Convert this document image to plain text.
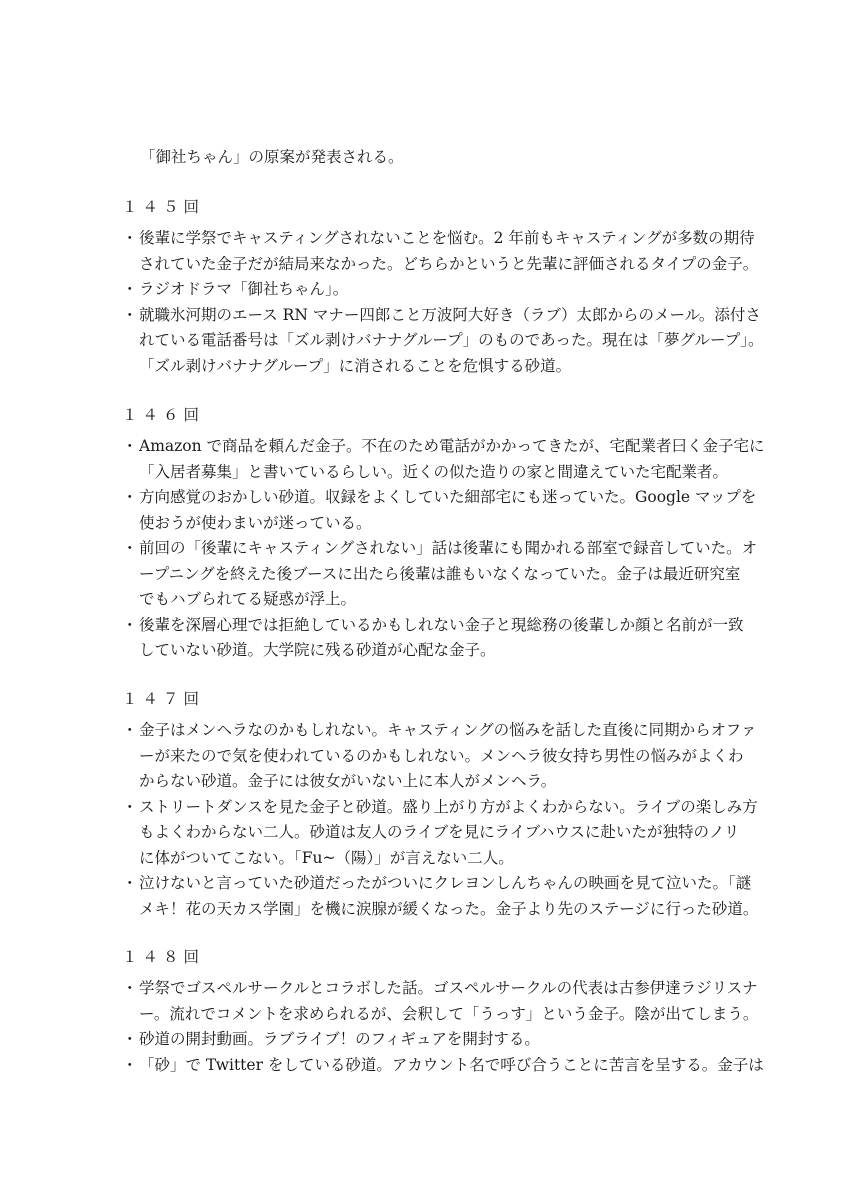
「御社ちゃん」の原案が発表される。
１４５回
・ 後輩に学祭でキャスティングされないことを悩む。2 年前もキャスティングが多数の期待
されていた金子だが結局来なかった。どちらかというと先輩に評価されるタイプの金子。
・ ラジオドラマ「御社ちゃん」。
・ 就職氷河期のエース RN マナー四郎こと万波阿大好き（ラブ）太郎からのメール。添付さ
れている電話番号は「ズル剥けバナナグループ」のものであった。現在は「夢グループ」。
「ズル剥けバナナグループ」に消されることを危惧する砂道。
１４６回
・ Amazon で商品を頼んだ金子。不在のため電話がかかってきたが、宅配業者曰く金子宅に
「入居者募集」と書いているらしい。近くの似た造りの家と間違えていた宅配業者。
・ 方向感覚のおかしい砂道。収録をよくしていた細部宅にも迷っていた。Google マップを
使おうが使わまいが迷っている。
・ 前回の「後輩にキャスティングされない」話は後輩にも聞かれる部室で録音していた。オ
ープニングを終えた後ブースに出たら後輩は誰もいなくなっていた。金子は最近研究室
でもハブられてる疑惑が浮上。
・ 後輩を深層心理では拒絶しているかもしれない金子と現総務の後輩しか顔と名前が一致
していない砂道。大学院に残る砂道が心配な金子。
１４７回
・ 金子はメンヘラなのかもしれない。キャスティングの悩みを話した直後に同期からオファ
ーが来たので気を使われているのかもしれない。メンヘラ彼女持ち男性の悩みがよくわ
からない砂道。金子には彼女がいない上に本人がメンヘラ。
・ ストリートダンスを見た金子と砂道。盛り上がり方がよくわからない。ライブの楽しみ方
もよくわからない二人。砂道は友人のライブを見にライブハウスに赴いたが独特のノリ
に体がついてこない。「Fu~（陽）」が言えない二人。
・ 泣けないと言っていた砂道だったがついにクレヨンしんちゃんの映画を見て泣いた。「謎
メキ！花の天カス学園」を機に涙腺が緩くなった。金子より先のステージに行った砂道。
１４８回
・ 学祭でゴスペルサークルとコラボした話。ゴスペルサークルの代表は古参伊達ラジリスナ
ー。流れでコメントを求められるが、会釈して「うっす」という金子。陰が出てしまう。
・ 砂道の開封動画。ラブライブ！のフィギュアを開封する。
・ 「砂」で Twitter をしている砂道。アカウント名で呼び合うことに苦言を呈する。金子は
